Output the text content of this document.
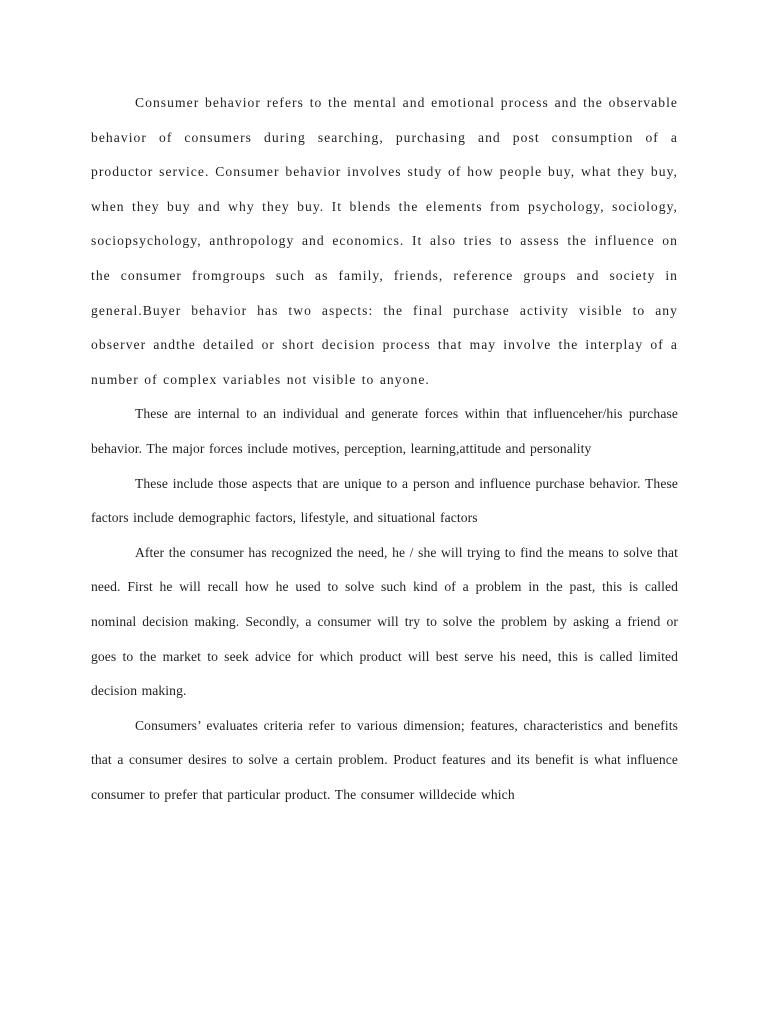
Consumer behavior refers to the mental and emotional process and the observable behavior of consumers during searching, purchasing and post consumption of a productor service. Consumer behavior involves study of how people buy, what they buy, when they buy and why they buy. It blends the elements from psychology, sociology, sociopsychology, anthropology and economics. It also tries to assess the influence on the consumer fromgroups such as family, friends, reference groups and society in general.Buyer behavior has two aspects: the final purchase activity visible to any observer andthe detailed or short decision process that may involve the interplay of a number of complex variables not visible to anyone.

These are internal to an individual and generate forces within that influenceher/his purchase behavior. The major forces include motives, perception, learning,attitude and personality

These include those aspects that are unique to a person and influence purchase behavior. These factors include demographic factors, lifestyle, and situational factors

After the consumer has recognized the need, he / she will trying to find the means to solve that need. First he will recall how he used to solve such kind of a problem in the past, this is called nominal decision making. Secondly, a consumer will try to solve the problem by asking a friend or goes to the market to seek advice for which product will best serve his need, this is called limited decision making.

Consumers’ evaluates criteria refer to various dimension; features, characteristics and benefits that a consumer desires to solve a certain problem. Product features and its benefit is what influence consumer to prefer that particular product. The consumer willdecide which
